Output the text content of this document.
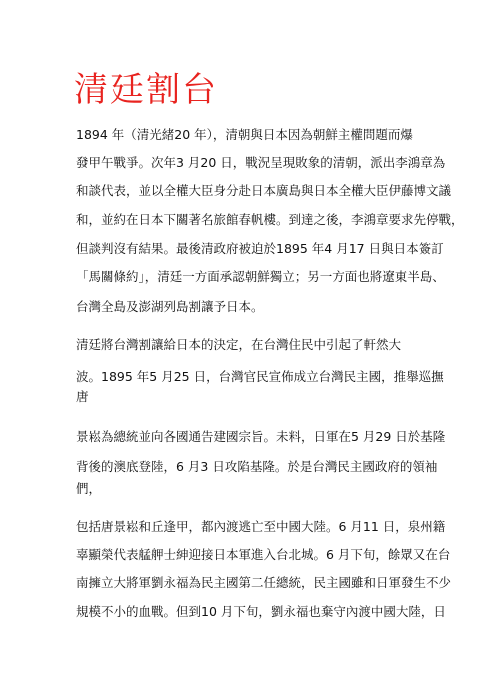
清廷割台

1894 年（清光緒20 年），清朝與日本因為朝鮮主權問題而爆

發甲午戰爭。次年3 月20 日，戰況呈現敗象的清朝，派出李鴻章為

和談代表，並以全權大臣身分赴日本廣島與日本全權大臣伊藤博文議

和，並約在日本下關著名旅館春帆樓。到達之後，李鴻章要求先停戰，

但談判沒有結果。最後清政府被迫於1895 年4 月17 日與日本簽訂

「馬關條約」，清廷一方面承認朝鮮獨立；另一方面也將遼東半島、

台灣全島及澎湖列島割讓予日本。

清廷將台灣割讓給日本的決定，在台灣住民中引起了軒然大

波。1895 年5 月25 日，台灣官民宣佈成立台灣民主國，推舉巡撫

唐

景崧為總統並向各國通告建國宗旨。未料，日軍在5 月29 日於基隆

背後的澳底登陸，6 月3 日攻陷基隆。於是台灣民主國政府的領袖

們，

包括唐景崧和丘逢甲，都內渡逃亡至中國大陸。6 月11 日，泉州籍

辜顯榮代表艋舺士紳迎接日本軍進入台北城。6 月下旬，餘眾又在台

南擁立大將軍劉永福為民主國第二任總統，民主國雖和日軍發生不少

規模不小的血戰。但到10 月下旬，劉永福也棄守內渡中國大陸，日
